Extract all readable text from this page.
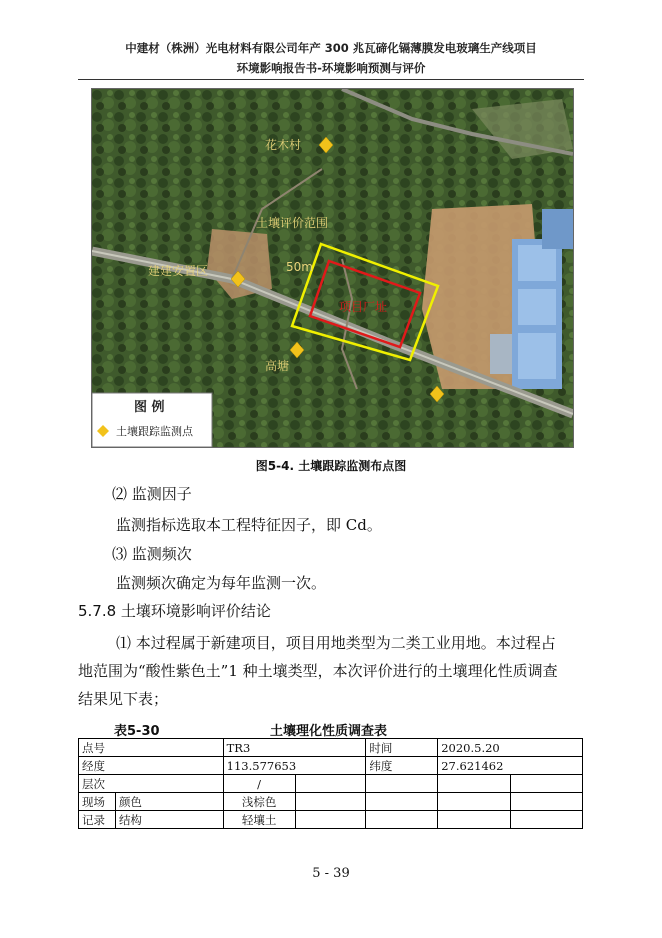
中建材（株洲）光电材料有限公司年产 300 兆瓦碲化镉薄膜发电玻璃生产线项目
环境影响报告书-环境影响预测与评价
花木村
土壤评价范围
50m
建建安置区
高塘
项目厂址
图 例
土壤跟踪监测点
图5-4. 土壤跟踪监测布点图
⑵ 监测因子
监测指标选取本工程特征因子，即 Cd。
⑶ 监测频次
监测频次确定为每年监测一次。
5.7.8 土壤环境影响评价结论
⑴ 本过程属于新建项目，项目用地类型为二类工业用地。本过程占
地范围为“酸性紫色土”1 种土壤类型，本次评价进行的土壤理化性质调查
结果见下表；
表5-30	土壤理化性质调查表
点号		TR3		时间	2020.5.20	
经度		113.577653		纬度	27.621462	
层次		/				
现场	颜色	浅棕色				
记录	结构	轻壤土				
5 - 39
